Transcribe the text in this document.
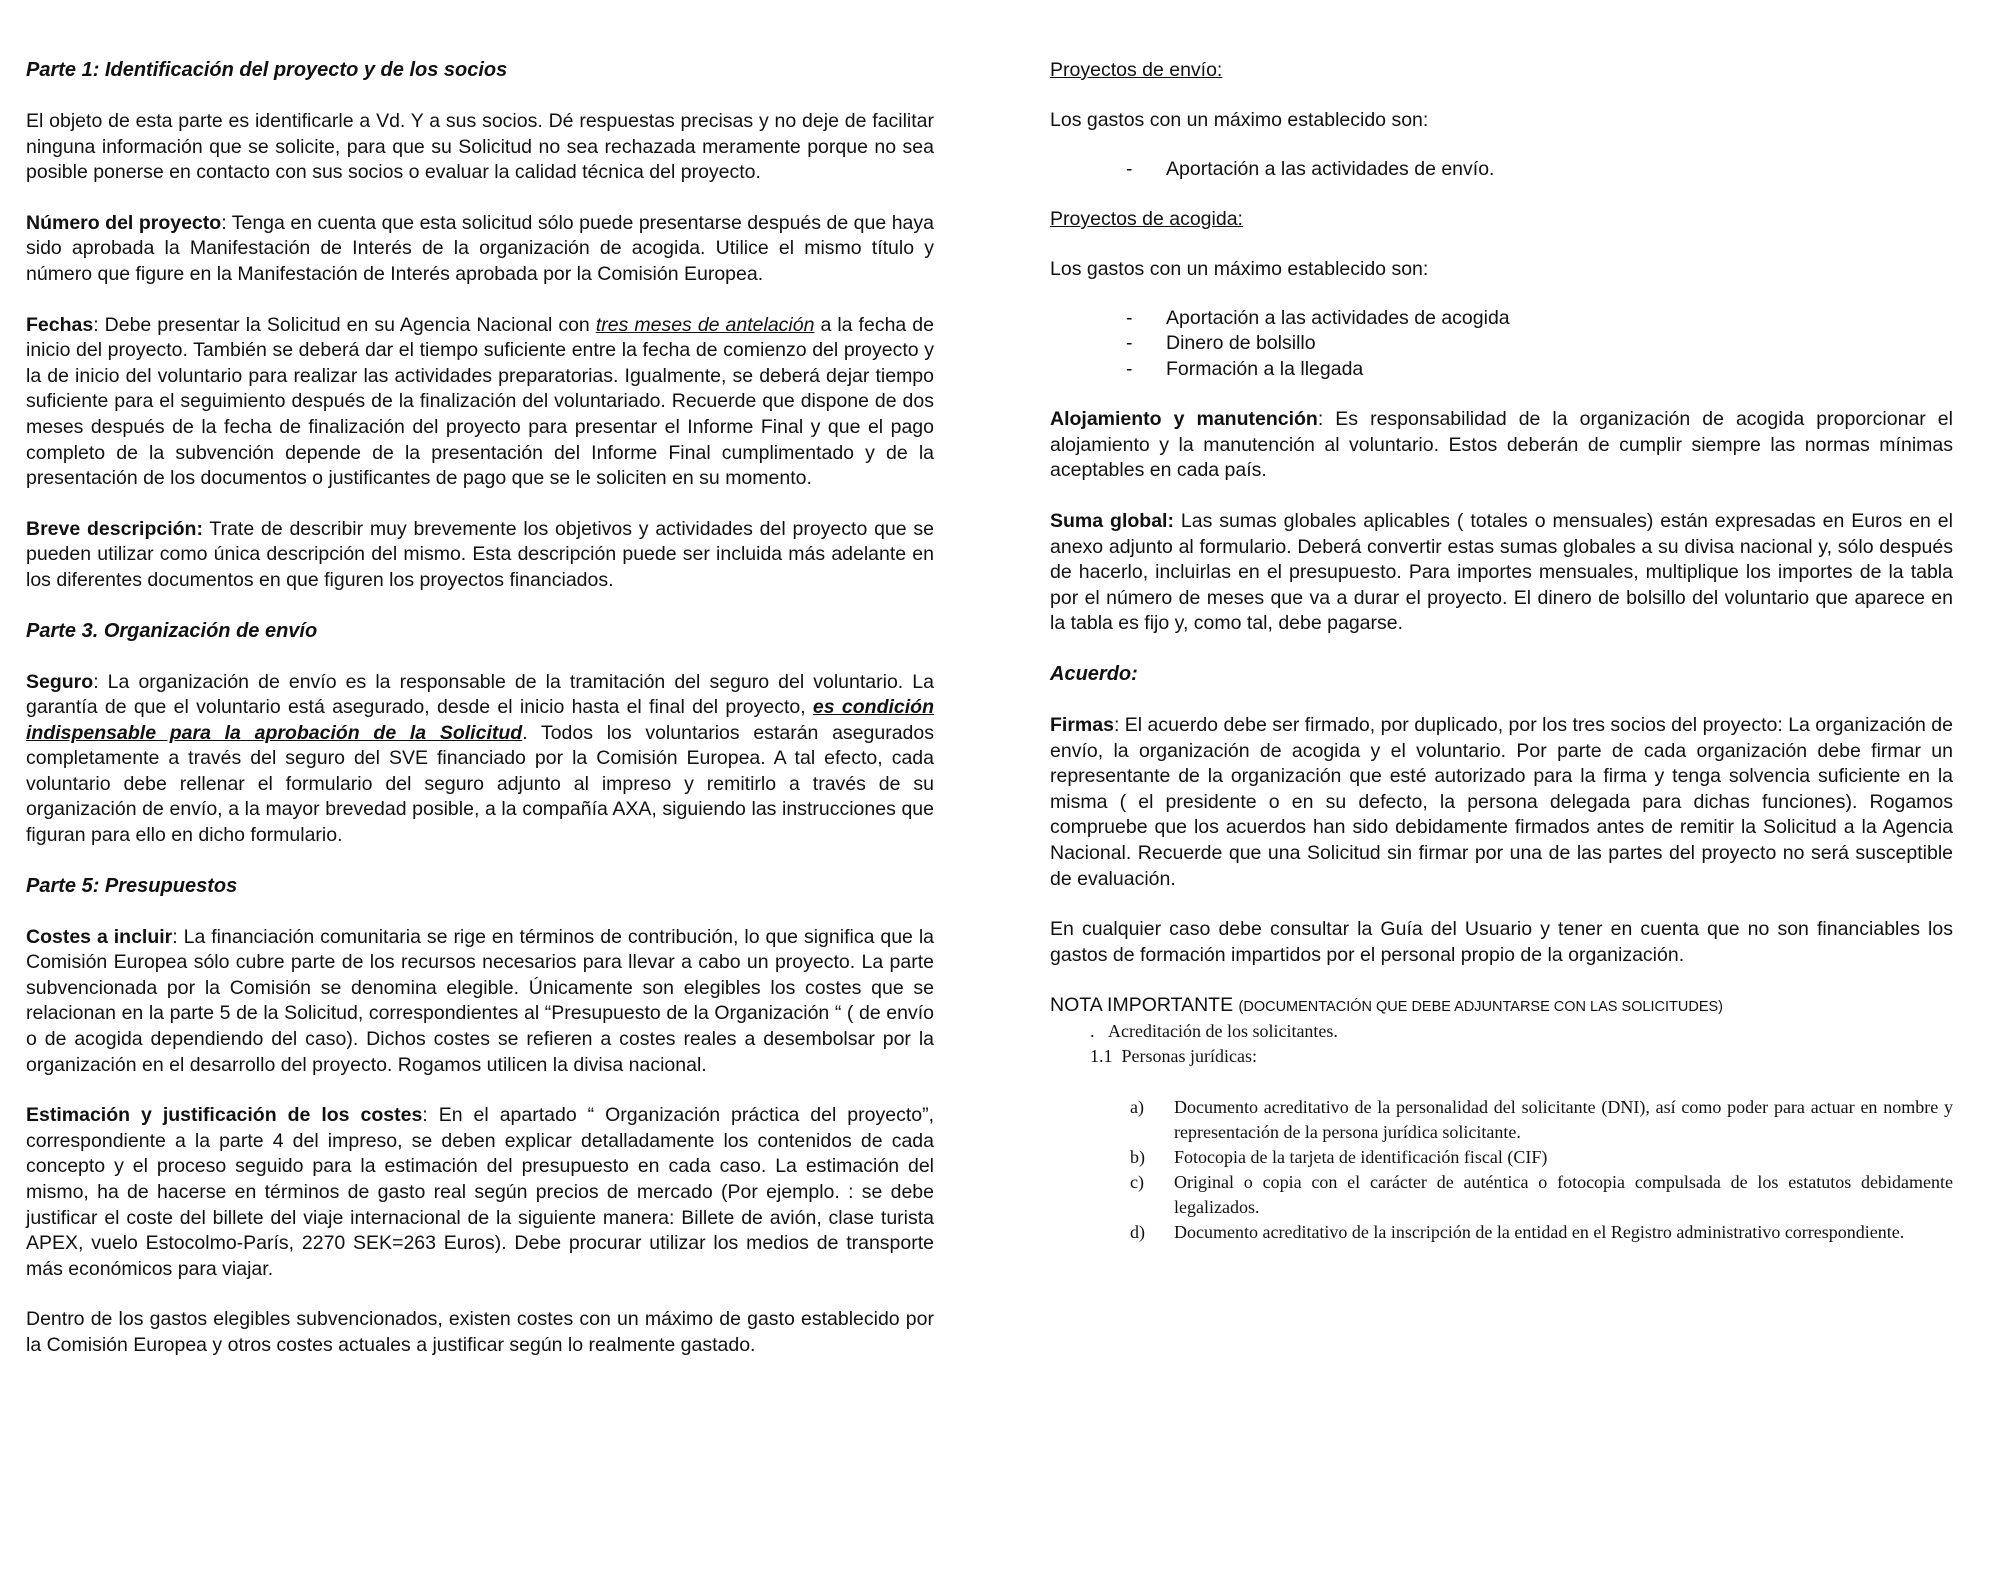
Parte 1: Identificación del proyecto y de los socios

El objeto de esta parte es identificarle a Vd. Y a sus socios. Dé respuestas precisas y no deje de facilitar ninguna información que se solicite, para que su Solicitud no sea rechazada meramente porque no sea posible ponerse en contacto con sus socios o evaluar la calidad técnica del proyecto.

Número del proyecto: Tenga en cuenta que esta solicitud sólo puede presentarse después de que haya sido aprobada la Manifestación de Interés de la organización de acogida. Utilice el mismo título y número que figure en la Manifestación de Interés aprobada por la Comisión Europea.

Fechas: Debe presentar la Solicitud en su Agencia Nacional con tres meses de antelación a la fecha de inicio del proyecto. También se deberá dar el tiempo suficiente entre la fecha de comienzo del proyecto y la de inicio del voluntario para realizar las actividades preparatorias. Igualmente, se deberá dejar tiempo suficiente para el seguimiento después de la finalización del voluntariado. Recuerde que dispone de dos meses después de la fecha de finalización del proyecto para presentar el Informe Final y que el pago completo de la subvención depende de la presentación del Informe Final cumplimentado y de la presentación de los documentos o justificantes de pago que se le soliciten en su momento.

Breve descripción: Trate de describir muy brevemente los objetivos y actividades del proyecto que se pueden utilizar como única descripción del mismo. Esta descripción puede ser incluida más adelante en los diferentes documentos en que figuren los proyectos financiados.

Parte 3. Organización de envío

Seguro: La organización de envío es la responsable de la tramitación del seguro del voluntario. La garantía de que el voluntario está asegurado, desde el inicio hasta el final del proyecto, es condición indispensable para la aprobación de la Solicitud. Todos los voluntarios estarán asegurados completamente a través del seguro del SVE financiado por la Comisión Europea. A tal efecto, cada voluntario debe rellenar el formulario del seguro adjunto al impreso y remitirlo a través de su organización de envío, a la mayor brevedad posible, a la compañía AXA, siguiendo las instrucciones que figuran para ello en dicho formulario.

Parte 5: Presupuestos

Costes a incluir: La financiación comunitaria se rige en términos de contribución, lo que significa que la Comisión Europea sólo cubre parte de los recursos necesarios para llevar a cabo un proyecto. La parte subvencionada por la Comisión se denomina elegible. Únicamente son elegibles los costes que se relacionan en la parte 5 de la Solicitud, correspondientes al “Presupuesto de la Organización “ ( de envío o de acogida dependiendo del caso). Dichos costes se refieren a costes reales a desembolsar por la organización en el desarrollo del proyecto. Rogamos utilicen la divisa nacional.

Estimación y justificación de los costes: En el apartado “ Organización práctica del proyecto”, correspondiente a la parte 4 del impreso, se deben explicar detalladamente los contenidos de cada concepto y el proceso seguido para la estimación del presupuesto en cada caso. La estimación del mismo, ha de hacerse en términos de gasto real según precios de mercado (Por ejemplo. : se debe justificar el coste del billete del viaje internacional de la siguiente manera: Billete de avión, clase turista APEX, vuelo Estocolmo-París, 2270 SEK=263 Euros). Debe procurar utilizar los medios de transporte más económicos para viajar.

Dentro de los gastos elegibles subvencionados, existen costes con un máximo de gasto establecido por la Comisión Europea y otros costes actuales a justificar según lo realmente gastado.

Proyectos de envío:

Los gastos con un máximo establecido son:

- Aportación a las actividades de envío.

Proyectos de acogida:

Los gastos con un máximo establecido son:

- Aportación a las actividades de acogida
- Dinero de bolsillo
- Formación a la llegada

Alojamiento y manutención: Es responsabilidad de la organización de acogida proporcionar el alojamiento y la manutención al voluntario. Estos deberán de cumplir siempre las normas mínimas aceptables en cada país.

Suma global: Las sumas globales aplicables ( totales o mensuales) están expresadas en Euros en el anexo adjunto al formulario. Deberá convertir estas sumas globales a su divisa nacional y, sólo después de hacerlo, incluirlas en el presupuesto. Para importes mensuales, multiplique los importes de la tabla por el número de meses que va a durar el proyecto. El dinero de bolsillo del voluntario que aparece en la tabla es fijo y, como tal, debe pagarse.

Acuerdo:

Firmas: El acuerdo debe ser firmado, por duplicado, por los tres socios del proyecto: La organización de envío, la organización de acogida y el voluntario. Por parte de cada organización debe firmar un representante de la organización que esté autorizado para la firma y tenga solvencia suficiente en la misma ( el presidente o en su defecto, la persona delegada para dichas funciones). Rogamos compruebe que los acuerdos han sido debidamente firmados antes de remitir la Solicitud a la Agencia Nacional. Recuerde que una Solicitud sin firmar por una de las partes del proyecto no será susceptible de evaluación.

En cualquier caso debe consultar la Guía del Usuario y tener en cuenta que no son financiables los gastos de formación impartidos por el personal propio de la organización.

NOTA IMPORTANTE (DOCUMENTACIÓN QUE DEBE ADJUNTARSE CON LAS SOLICITUDES)

. Acreditación de los solicitantes.

1.1 Personas jurídicas:

a) Documento acreditativo de la personalidad del solicitante (DNI), así como poder para actuar en nombre y representación de la persona jurídica solicitante.
b) Fotocopia de la tarjeta de identificación fiscal (CIF)
c) Original o copia con el carácter de auténtica o fotocopia compulsada de los estatutos debidamente legalizados.
d) Documento acreditativo de la inscripción de la entidad en el Registro administrativo correspondiente.
